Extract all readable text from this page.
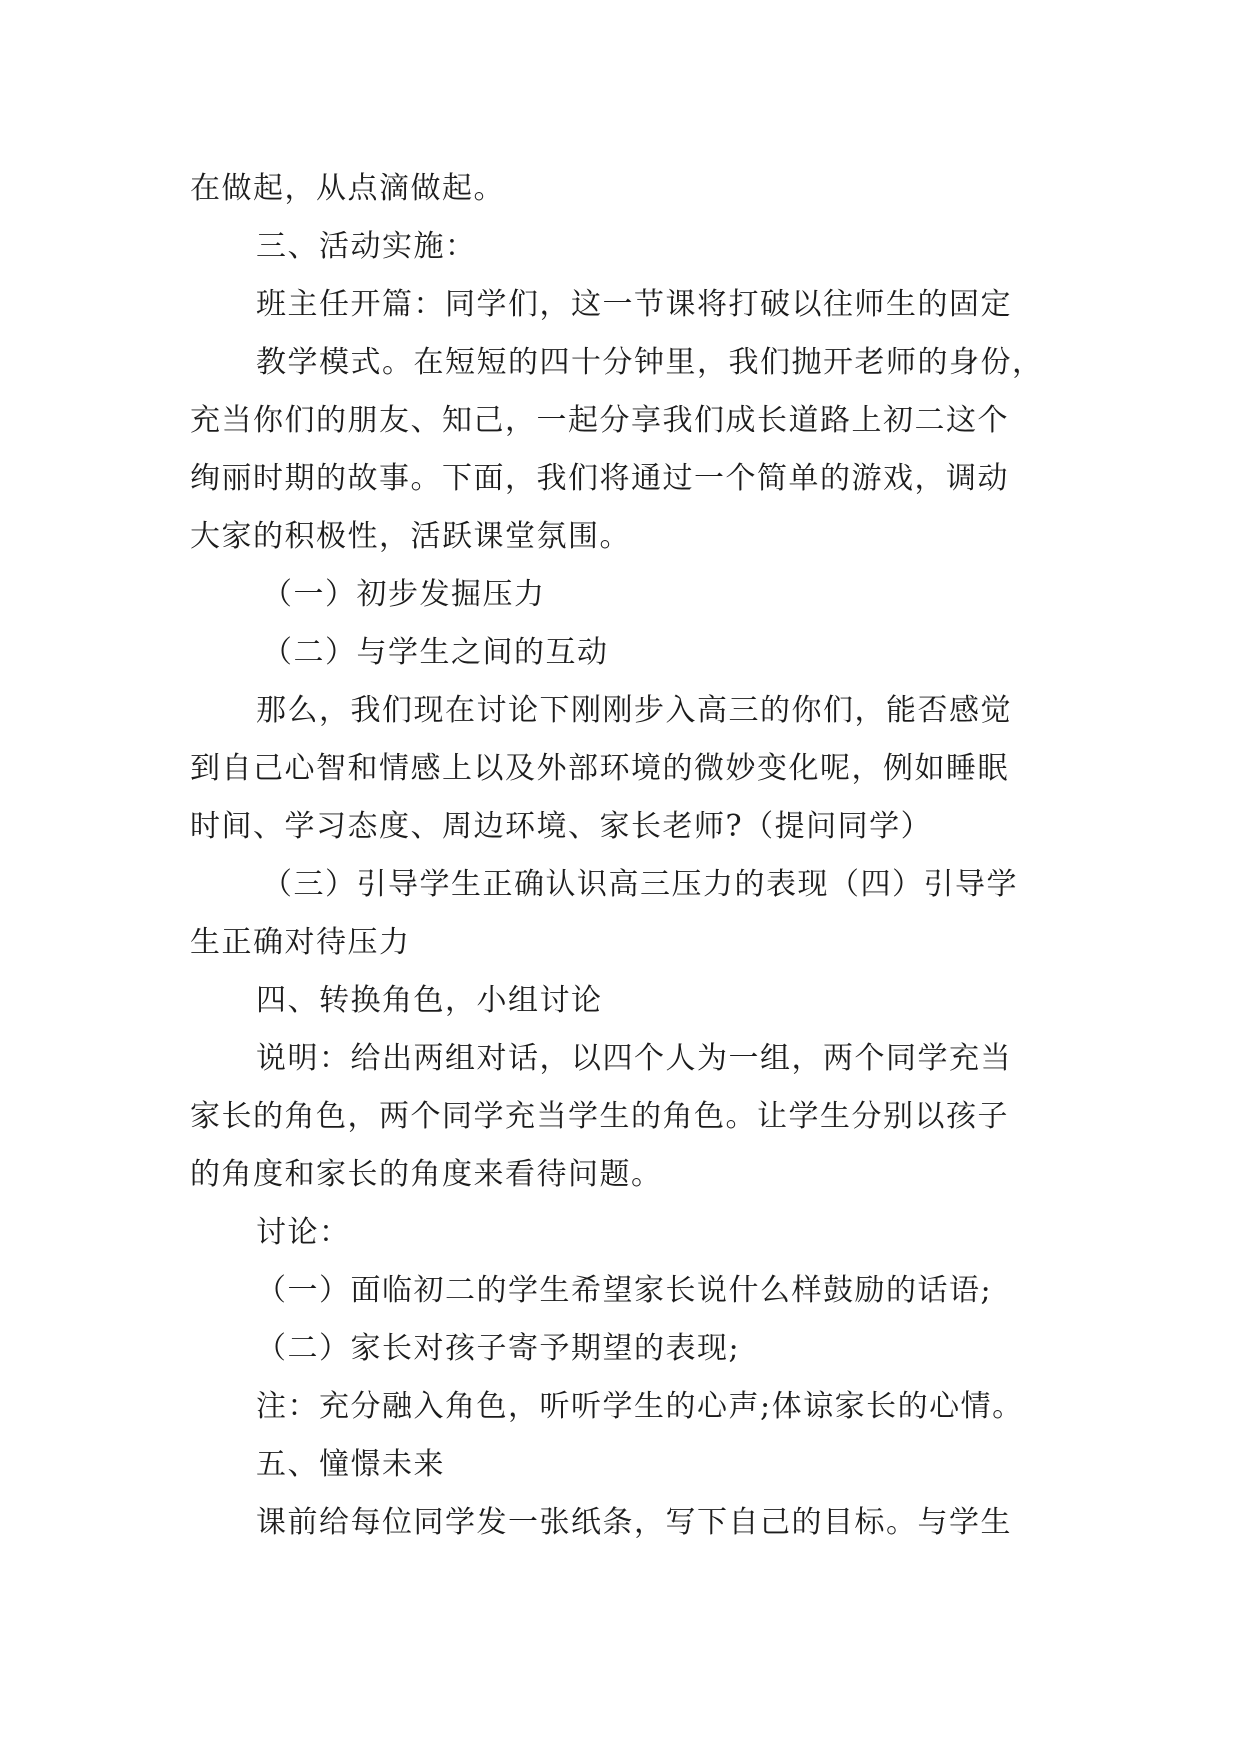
在做起，从点滴做起。
三、活动实施：
班主任开篇：同学们，这一节课将打破以往师生的固定
教学模式。在短短的四十分钟里，我们抛开老师的身份，
充当你们的朋友、知己，一起分享我们成长道路上初二这个
绚丽时期的故事。下面，我们将通过一个简单的游戏，调动
大家的积极性，活跃课堂氛围。
（一）初步发掘压力
（二）与学生之间的互动
那么，我们现在讨论下刚刚步入高三的你们，能否感觉
到自己心智和情感上以及外部环境的微妙变化呢，例如睡眠
时间、学习态度、周边环境、家长老师?（提问同学）
（三）引导学生正确认识高三压力的表现（四）引导学
生正确对待压力
四、转换角色，小组讨论
说明：给出两组对话，以四个人为一组，两个同学充当
家长的角色，两个同学充当学生的角色。让学生分别以孩子
的角度和家长的角度来看待问题。
讨论：
（一）面临初二的学生希望家长说什么样鼓励的话语;
（二）家长对孩子寄予期望的表现;
注：充分融入角色，听听学生的心声;体谅家长的心情。
五、憧憬未来
课前给每位同学发一张纸条，写下自己的目标。与学生
